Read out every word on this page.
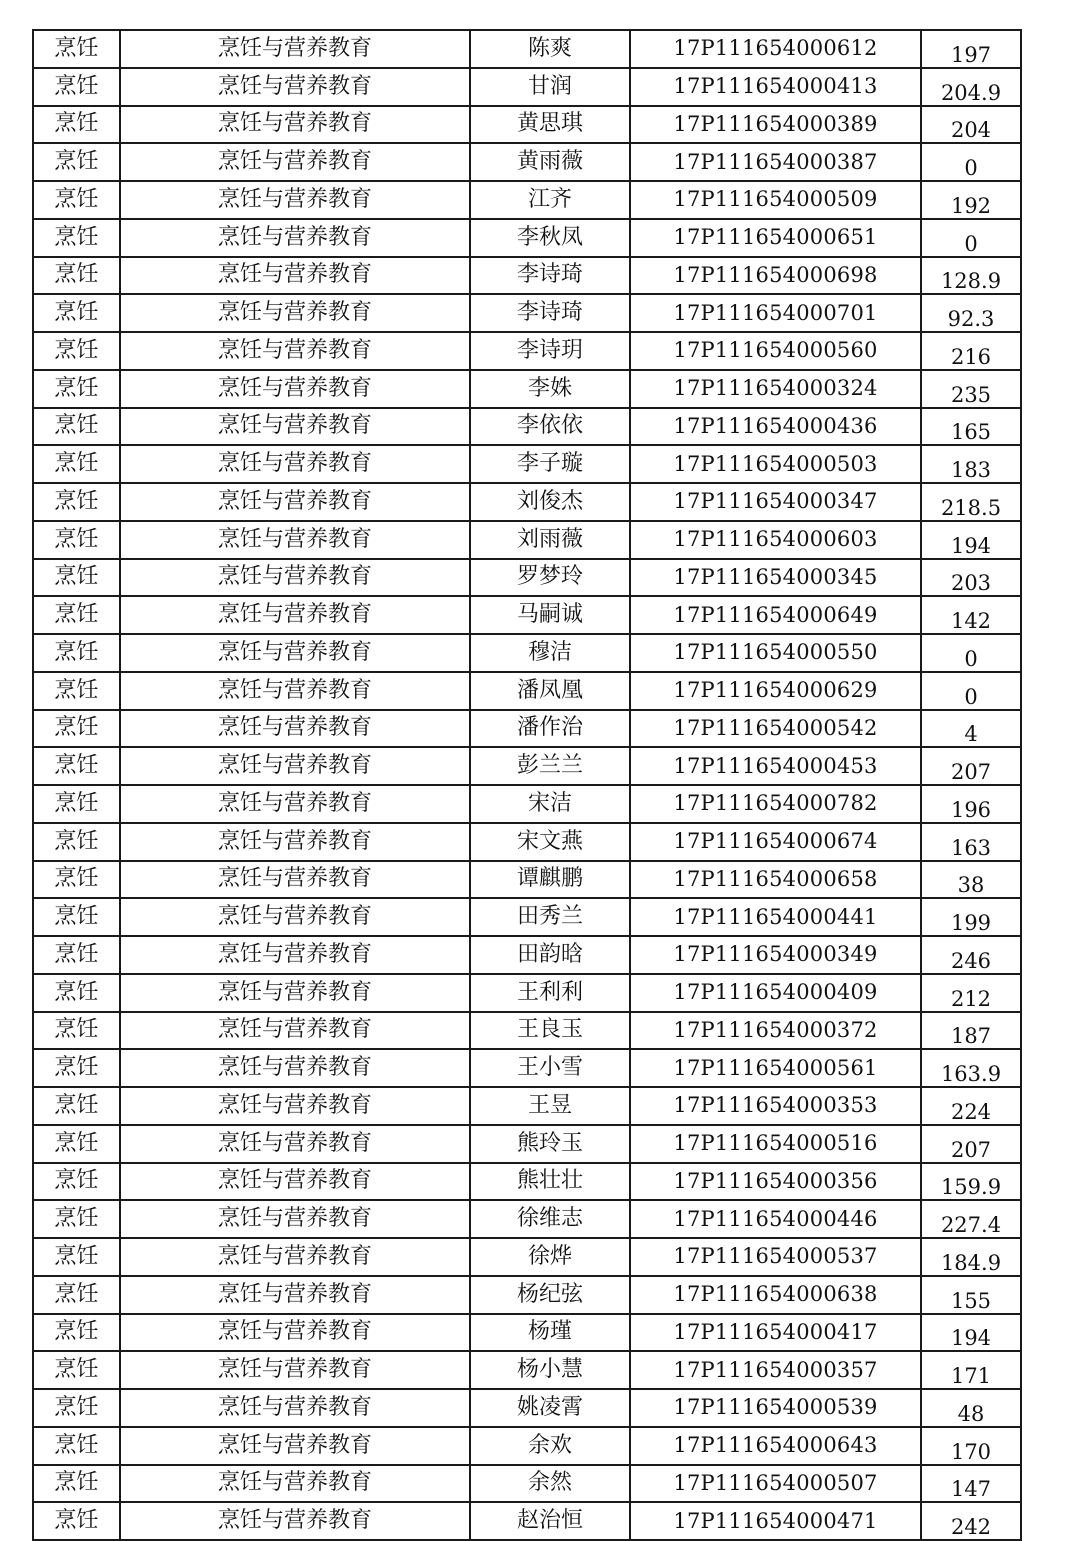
烹饪	烹饪与营养教育	陈爽	17P111654000612	197
烹饪	烹饪与营养教育	甘润	17P111654000413	204.9
烹饪	烹饪与营养教育	黄思琪	17P111654000389	204
烹饪	烹饪与营养教育	黄雨薇	17P111654000387	0
烹饪	烹饪与营养教育	江齐	17P111654000509	192
烹饪	烹饪与营养教育	李秋凤	17P111654000651	0
烹饪	烹饪与营养教育	李诗琦	17P111654000698	128.9
烹饪	烹饪与营养教育	李诗琦	17P111654000701	92.3
烹饪	烹饪与营养教育	李诗玥	17P111654000560	216
烹饪	烹饪与营养教育	李姝	17P111654000324	235
烹饪	烹饪与营养教育	李依依	17P111654000436	165
烹饪	烹饪与营养教育	李子璇	17P111654000503	183
烹饪	烹饪与营养教育	刘俊杰	17P111654000347	218.5
烹饪	烹饪与营养教育	刘雨薇	17P111654000603	194
烹饪	烹饪与营养教育	罗梦玲	17P111654000345	203
烹饪	烹饪与营养教育	马嗣诚	17P111654000649	142
烹饪	烹饪与营养教育	穆洁	17P111654000550	0
烹饪	烹饪与营养教育	潘凤凰	17P111654000629	0
烹饪	烹饪与营养教育	潘作治	17P111654000542	4
烹饪	烹饪与营养教育	彭兰兰	17P111654000453	207
烹饪	烹饪与营养教育	宋洁	17P111654000782	196
烹饪	烹饪与营养教育	宋文燕	17P111654000674	163
烹饪	烹饪与营养教育	谭麒鹏	17P111654000658	38
烹饪	烹饪与营养教育	田秀兰	17P111654000441	199
烹饪	烹饪与营养教育	田韵晗	17P111654000349	246
烹饪	烹饪与营养教育	王利利	17P111654000409	212
烹饪	烹饪与营养教育	王良玉	17P111654000372	187
烹饪	烹饪与营养教育	王小雪	17P111654000561	163.9
烹饪	烹饪与营养教育	王昱	17P111654000353	224
烹饪	烹饪与营养教育	熊玲玉	17P111654000516	207
烹饪	烹饪与营养教育	熊壮壮	17P111654000356	159.9
烹饪	烹饪与营养教育	徐维志	17P111654000446	227.4
烹饪	烹饪与营养教育	徐烨	17P111654000537	184.9
烹饪	烹饪与营养教育	杨纪弦	17P111654000638	155
烹饪	烹饪与营养教育	杨瑾	17P111654000417	194
烹饪	烹饪与营养教育	杨小慧	17P111654000357	171
烹饪	烹饪与营养教育	姚凌霄	17P111654000539	48
烹饪	烹饪与营养教育	余欢	17P111654000643	170
烹饪	烹饪与营养教育	余然	17P111654000507	147
烹饪	烹饪与营养教育	赵治恒	17P111654000471	242
